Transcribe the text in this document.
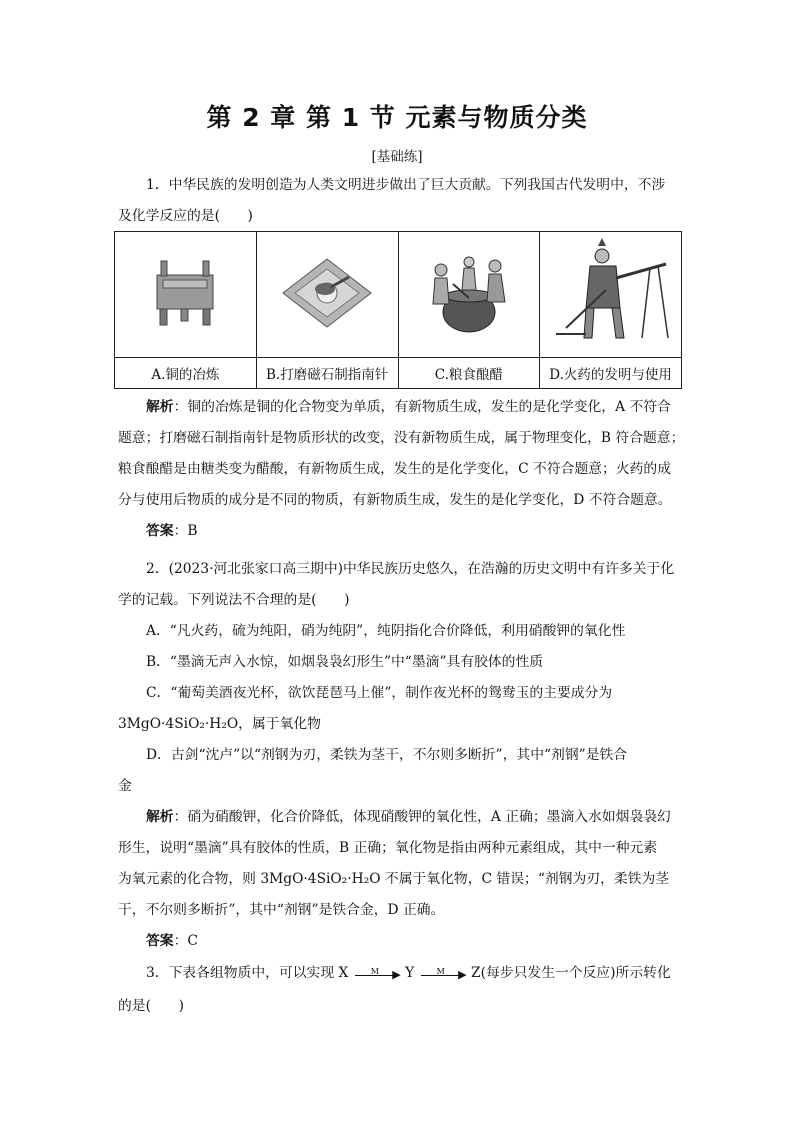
第 2 章 第 1 节 元素与物质分类
[基础练]
1．中华民族的发明创造为人类文明进步做出了巨大贡献。下列我国古代发明中，不涉
及化学反应的是(　　)

A.铜的冶炼	B.打磨磁石制指南针	C.粮食酿醋	D.火药的发明与使用
解析：铜的冶炼是铜的化合物变为单质，有新物质生成，发生的是化学变化，A 不符合
题意；打磨磁石制指南针是物质形状的改变，没有新物质生成，属于物理变化，B 符合题意；
粮食酿醋是由糖类变为醋酸，有新物质生成，发生的是化学变化，C 不符合题意；火药的成
分与使用后物质的成分是不同的物质，有新物质生成，发生的是化学变化，D 不符合题意。
答案：B
2．(2023·河北张家口高三期中)中华民族历史悠久，在浩瀚的历史文明中有许多关于化
学的记载。下列说法不合理的是(　　)
A．“凡火药，硫为纯阳，硝为纯阴”，纯阴指化合价降低，利用硝酸钾的氧化性
B．“墨滴无声入水惊，如烟袅袅幻形生”中“墨滴”具有胶体的性质
C．“葡萄美酒夜光杯，欲饮琵琶马上催”，制作夜光杯的鸳鸯玉的主要成分为
3MgO·4SiO₂·H₂O，属于氧化物
D．古剑“沈卢”以“剂钢为刃，柔铁为茎干，不尔则多断折”，其中“剂钢”是铁合
金
解析：硝为硝酸钾，化合价降低，体现硝酸钾的氧化性，A 正确；墨滴入水如烟袅袅幻
形生，说明“墨滴”具有胶体的性质，B 正确；氧化物是指由两种元素组成，其中一种元素
为氧元素的化合物，则 3MgO·4SiO₂·H₂O 不属于氧化物，C 错误；“剂钢为刃，柔铁为茎
干，不尔则多断折”，其中“剂钢”是铁合金，D 正确。
答案：C
3．下表各组物质中，可以实现 X	M ▶ Y	M ▶ Z(每步只发生一个反应)所示转化
的是(　　)
